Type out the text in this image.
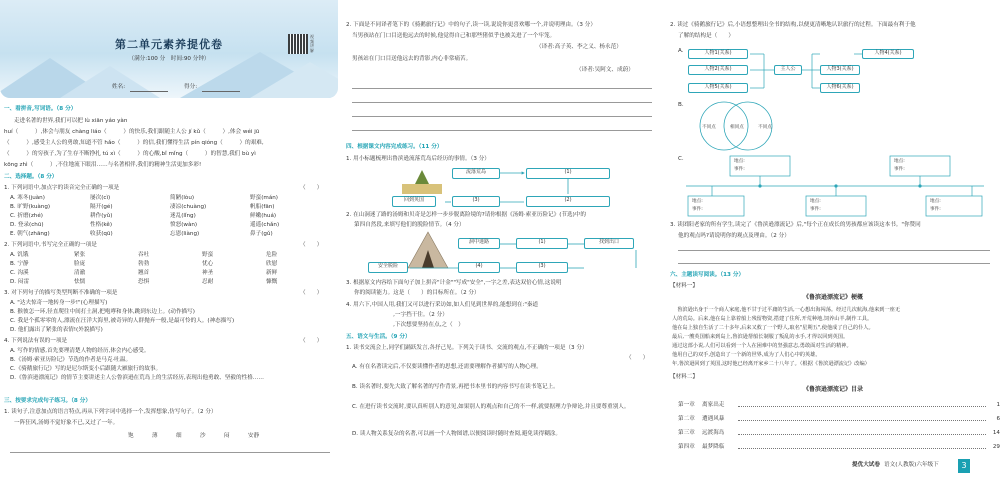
第二单元素养提优卷
视频讲解
（满分:100 分　时间:90 分钟）
姓名:	得分:
一、看拼音,写词语。（8 分）
走进名著的世界,我们可以把 lù xiān yáo yàn
huí（　　　）,体会与朋友 chàng liáo（　　　）的快乐,我们跟随主人公 jí kǔ（　　　）,体会 wéi jū
（　　　）,感受主人公的勇敢,知道不管 hǎo（　　　）的信,我们懂得生活 pín qióng（　　　）的艰难,
（　　　）的穷孩子,为了生存不断挣扎 tú xì（　　　）的心酸,bǐ mǐng（　　　）的智慧,我们 bù yì
kōng zhì（　　　）,不住地流下眼泪……与名著相伴,我们的精神生活更加多彩!
二、选择题。（8 分）
1. 下列词语中,加点字的读音完全正确的一项是	（　　）
A. 寒冬(juàn)	屡次(cì)	简陋(lòu)	野蛮(mán)
B. 旷野(kuàng)	隔开(gé)	凄凉(chuàng)	帆船(fān)
C. 折磨(zhé)	耕作(yǔ)	迷乱(lǐng)	鲜嫩(huá)
D. 登录(chū)	性格(kě)	愤怒(wàn)	遥遥(chǎn)
E. 朝气(zhāng)	收获(qū)	忘恩(liàng)	鼻子(gǔ)
2. 下列词语中,书写完全正确的一项是	（　　）
A. 饥饿	紧张	吞吐	野蛮	危险
B. 宁静	脸庞	勃勃	忧心	欣慰
C. 沟溪	清澈	翘首	神圣	新鲜
D. 闷雷	怯懦	恐惧	忍耐	慷慨
3. 对下列句子的描写类型判断不准确的一项是	（　　）
A. "达夫惊奇一地转身一步!"(心理描写)
B. 猴彼怎一环,径直爬往中间打土洞,把咆哮和身体,跳到东边上。(动作描写)
C. 我是个孤零零的人,漂流在汪洋大海里,被奇异的人群抛弃一般,是最可怜的人。(神态描写)
D. 他们露出了紧张的表情!(外貌描写)
4. 下列说法有误的一项是	（　　）
A. 写作的情感,首先要理清楚人物的经历,体会内心感受。
B.《汤姆·索亚历险记》节选的作者是马克·吐温。
C.《骑鹅旅行记》写的是尼尔斯变小后跟随大雁旅行的故事。
D.《鲁滨逊漂流记》的情节主要讲述主人公鲁滨逊在荒岛上的生活经历,表现出他勇敢、坚毅的性格……
三、按要求完成句子练习。（8 分）
1. 读句子,注意加点的语言特点,再从下列字词中选择一个,发挥想象,仿写句子。（2 分）
一阵狂风,汤姆不觉好象不已,又过了一年。
饱	薄	细	沙	闷	安静
2. 下面是不同译者笔下的《骑鹅旅行记》中的句子,读一读,说说你更喜欢哪一个,并说明理由。（3 分）
当男孩站在门口目送他远去的时候,他觉得自己和那些猪似乎也被关进了一个牢笼。
（译者:高子英、李之义、杨永范）
男孩站在门口目送他远去的背影,内心非常痛苦。
（译者:吴阿文、成蔚）
四、根据课文内容完成练习。（11 分）
1. 用小标题梳理出鲁滨逊流落荒岛后经历的事情。（3 分）
流落荒岛	(1)
回到英国	(3)	(2)
2. 在山洞迷了路的汤姆和贝奇是怎样一步步脱离险境的?请你根据《汤姆·索亚历险记》(节选)中的
第四自然段,来填写他们的脱险情节。（4 分）
洞中迷路	(1)	找到出口
安全脱险	(4)	(3)
3. 根据原文内容给下面句子加上拼音"计金""写成"安全",一字之差,表达双倍心情,这说明
你的阅读能力。这是（　　）的目标所在。（2 分）
4. 用六下,中国人用,我们又可以进行采访如,如人们见到世界的,能想到在:"秦道
　　　　　　　,一字挡干住。（2 分）
　　　　　　　,下次想要坚持在点,之（　）
五、语文与生活。（9 分）
1. 读书交流会上,同学们踊跃发言,各抒己见。下列关于读书、交流的观点,不正确的一项是（3 分）
（　　）
A. 有在名著读完后,不仅要读懂作者的思想,还需要理解作者描写的人物心理。
B. 读名著时,要先大致了解名著的写作背景,再把书本里书的内容书写在读书笔记上。
C. 在进行读书交流时,要认真听别人的意见,如果别人的观点和自己的不一样,就要据理力争辩论,并且要尊重别人。
D. 读人物关系复杂的名著,可以画一个人物图谱,以便阅读时随时查阅,避免读得糊涂。
2. 读过《骑鹅旅行记》后,小语想整理出全书的结构,以便更清晰地认识旅行的过程。下面最有利于他
了解的结构是（　　）
A.	人物1(关系)
人物2(关系)	主人公
人物4(关系)
人物3(关系)
人物5(关系)	人物6(关系)
B.
不同点	相同点	不同点
C.	地点:
事件:
地点:
事件:
地点:
事件:
地点:
事件:
地点:
事件:
3. 读团阳老家的所有学生,读完了《鲁滨逊漂流记》后,"每个正在成长的男孩都应该读这本书。"你赞同
他的观点吗?请说明你的观点及理由。（2 分）
六、主题读写阅读。（13 分）
【材料一】
《鲁滨逊漂流记》梗概
　鲁滨逊出身于一个商人家庭,他不甘于过平庸的生活,一心想出海闯荡。经过几次航海,他来到一座无
人的荒岛。后来,他在岛上靠着船上残留物资,搭建了住所,开荒种地,饲养山羊,制作工具。
他在岛上独自生活了二十多年,后来又救了一个野人,取名"星期五",使他成了自己的仆人。
最后,一艘英国船来到岛上,鲁滨逊帮船长制服了叛乱的水手,才得以回到英国。
通过这部小说,人们可以看到一个人在困难中的坚强意志,勇敢面对生活的精神。
他用自己的双手,创造出了一个新的世界,成为了人们心中的英雄。
年,鲁滨逊回到了英国,这时他已经离开家乡二十八年了。（根据《鲁滨逊漂流记》改编）
【材料二】
《鲁滨逊漂流记》目录
第一章 离家出走	1
第二章 遭遇风暴	6
第三章 远渡海岛	14
第四章 最梦降临	29
提优大试卷 语文(人教版)六年级下	3
